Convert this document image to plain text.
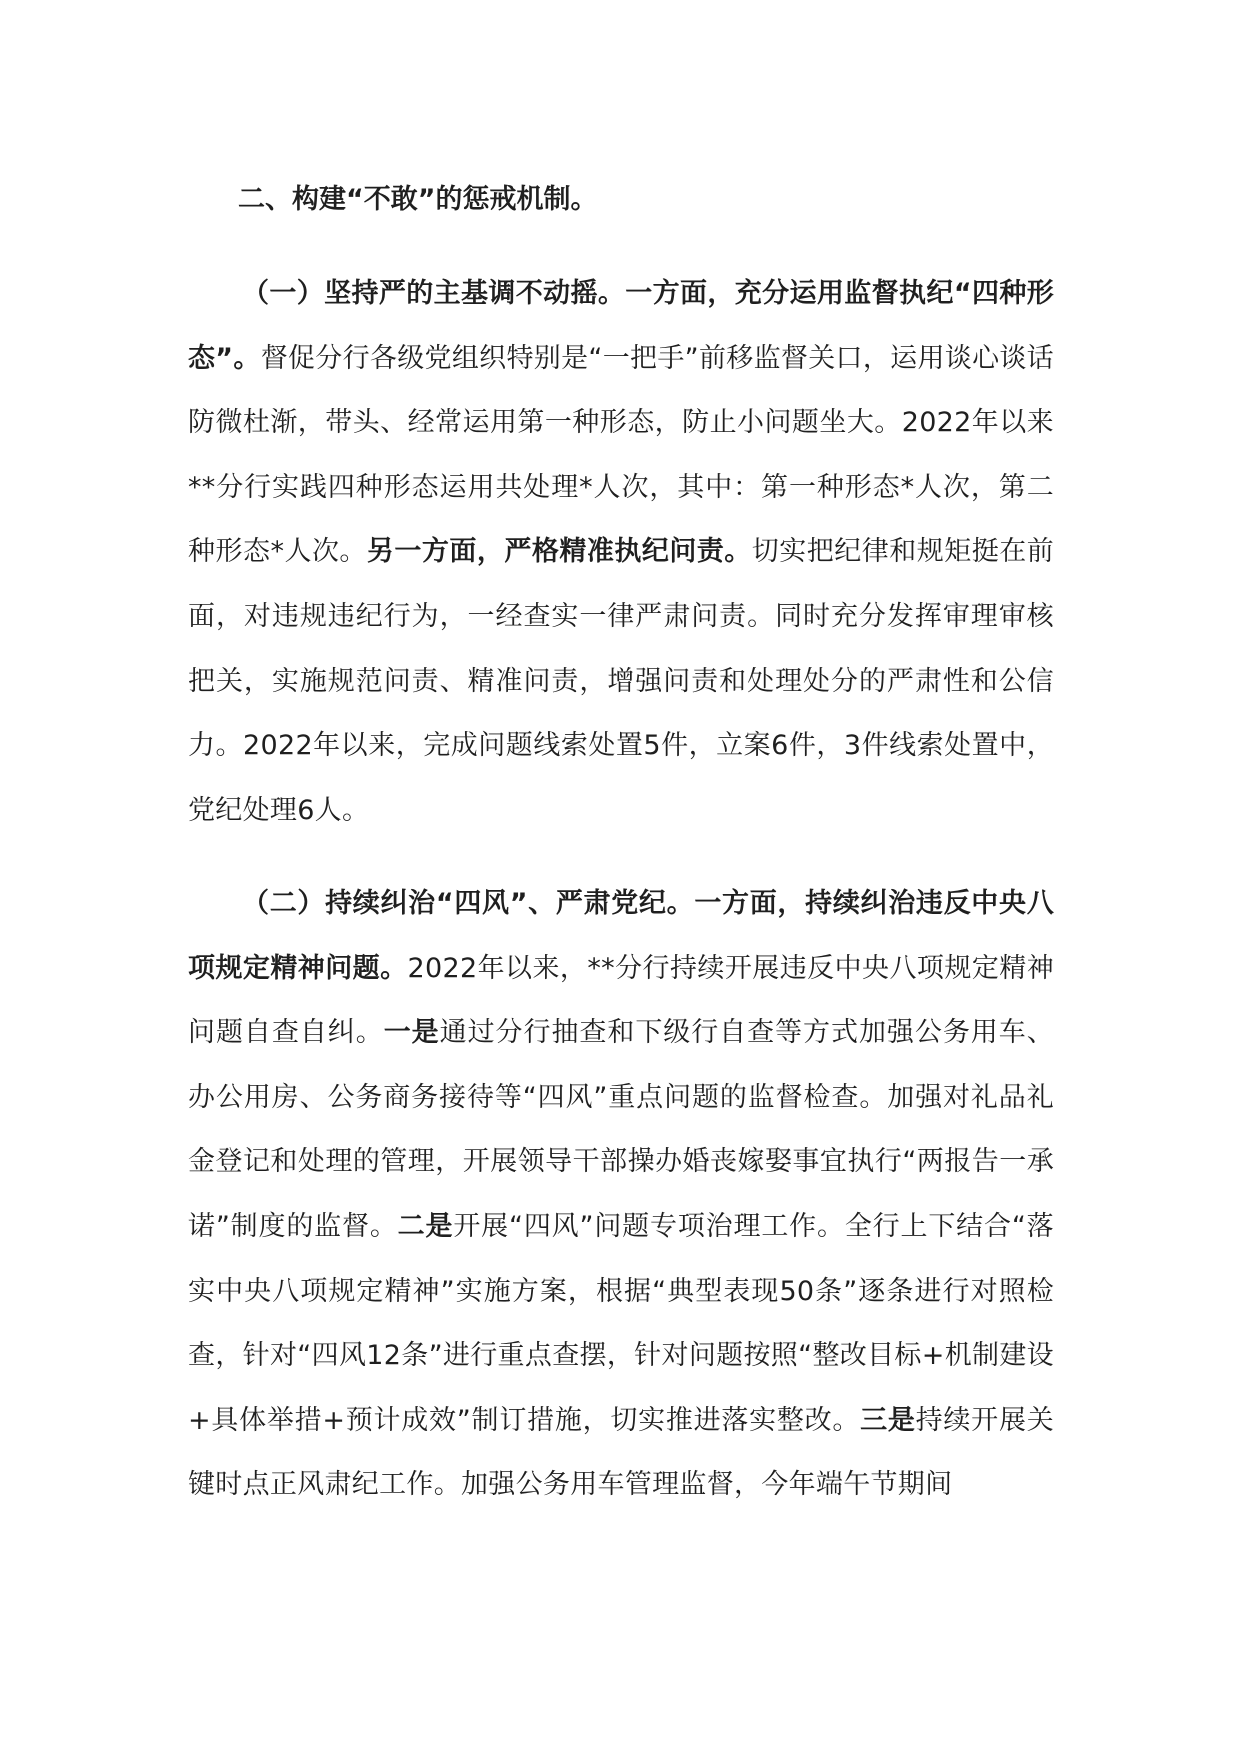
二、构建“不敢”的惩戒机制。

（一）坚持严的主基调不动摇。一方面，充分运用监督执纪“四种形态”。督促分行各级党组织特别是“一把手”前移监督关口，运用谈心谈话防微杜渐，带头、经常运用第一种形态，防止小问题坐大。2022年以来**分行实践四种形态运用共处理*人次，其中：第一种形态*人次，第二种形态*人次。另一方面，严格精准执纪问责。切实把纪律和规矩挺在前面，对违规违纪行为，一经查实一律严肃问责。同时充分发挥审理审核把关，实施规范问责、精准问责，增强问责和处理处分的严肃性和公信力。2022年以来，完成问题线索处置5件，立案6件，3件线索处置中，党纪处理6人。

（二）持续纠治“四风”、严肃党纪。一方面，持续纠治违反中央八项规定精神问题。2022年以来，**分行持续开展违反中央八项规定精神问题自查自纠。一是通过分行抽查和下级行自查等方式加强公务用车、办公用房、公务商务接待等“四风”重点问题的监督检查。加强对礼品礼金登记和处理的管理，开展领导干部操办婚丧嫁娶事宜执行“两报告一承诺”制度的监督。二是开展“四风”问题专项治理工作。全行上下结合“落实中央八项规定精神”实施方案，根据“典型表现50条”逐条进行对照检查，针对“四风12条”进行重点查摆，针对问题按照“整改目标+机制建设+具体举措+预计成效”制订措施，切实推进落实整改。三是持续开展关键时点正风肃纪工作。加强公务用车管理监督，今年端午节期间
